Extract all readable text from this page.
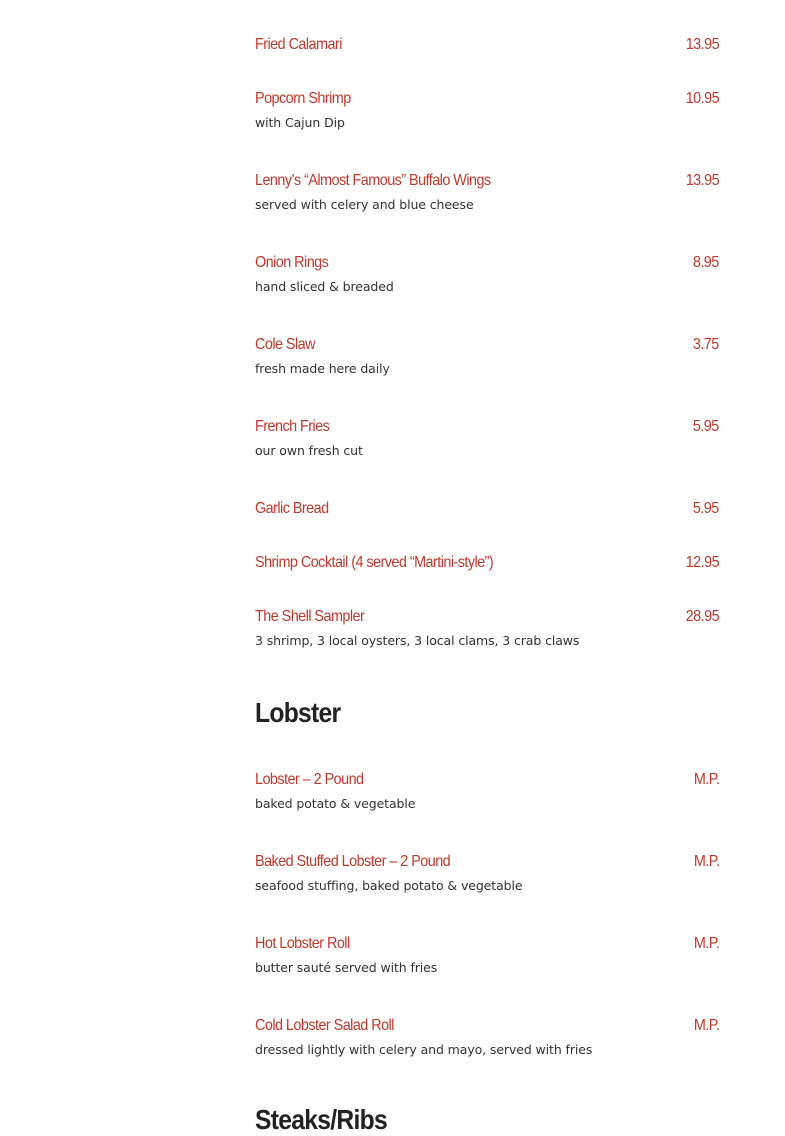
Fried Calamari	13.95
Popcorn Shrimp	10.95
with Cajun Dip
Lenny’s “Almost Famous” Buffalo Wings	13.95
served with celery and blue cheese
Onion Rings	8.95
hand sliced & breaded
Cole Slaw	3.75
fresh made here daily
French Fries	5.95
our own fresh cut
Garlic Bread	5.95
Shrimp Cocktail (4 served “Martini-style”)	12.95
The Shell Sampler	28.95
3 shrimp, 3 local oysters, 3 local clams, 3 crab claws
Lobster
Lobster – 2 Pound	M.P.
baked potato & vegetable
Baked Stuffed Lobster – 2 Pound	M.P.
seafood stuffing, baked potato & vegetable
Hot Lobster Roll	M.P.
butter sauté served with fries
Cold Lobster Salad Roll	M.P.
dressed lightly with celery and mayo, served with fries
Steaks/Ribs
